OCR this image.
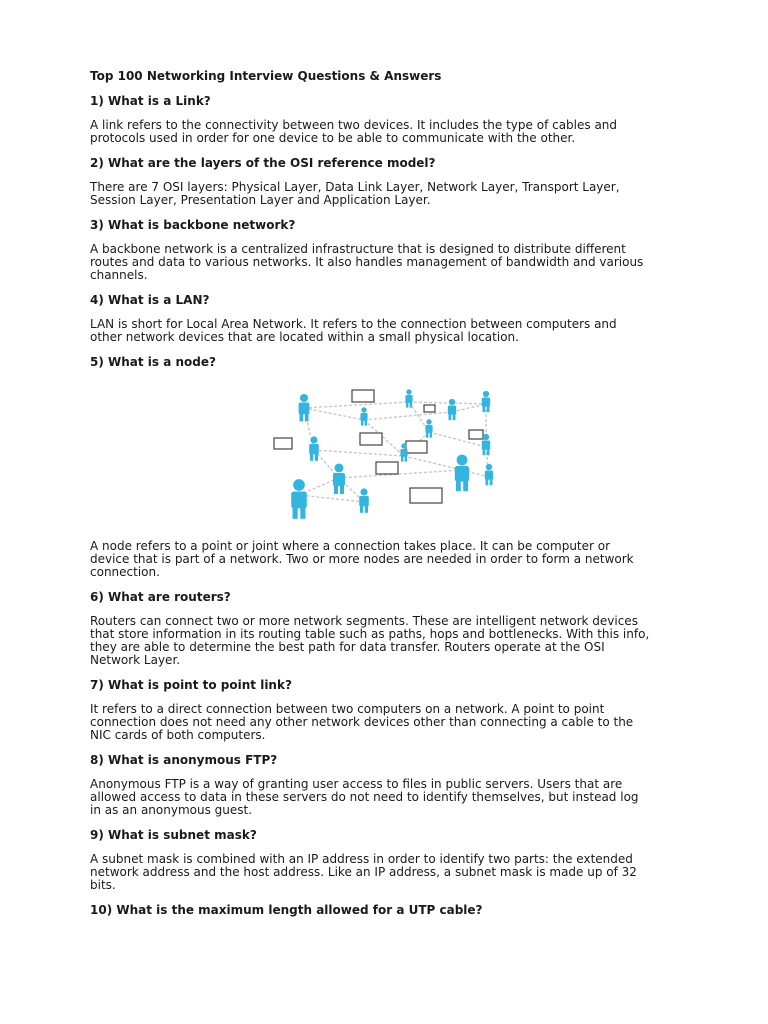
Top 100 Networking Interview Questions & Answers
1) What is a Link?
A link refers to the connectivity between two devices. It includes the type of cables and
protocols used in order for one device to be able to communicate with the other.
2) What are the layers of the OSI reference model?
There are 7 OSI layers: Physical Layer, Data Link Layer, Network Layer, Transport Layer,
Session Layer, Presentation Layer and Application Layer.
3) What is backbone network?
A backbone network is a centralized infrastructure that is designed to distribute different
routes and data to various networks. It also handles management of bandwidth and various
channels.
4) What is a LAN?
LAN is short for Local Area Network. It refers to the connection between computers and
other network devices that are located within a small physical location.
5) What is a node?
A node refers to a point or joint where a connection takes place. It can be computer or
device that is part of a network. Two or more nodes are needed in order to form a network
connection.
6) What are routers?
Routers can connect two or more network segments. These are intelligent network devices
that store information in its routing table such as paths, hops and bottlenecks. With this info,
they are able to determine the best path for data transfer. Routers operate at the OSI
Network Layer.
7) What is point to point link?
It refers to a direct connection between two computers on a network. A point to point
connection does not need any other network devices other than connecting a cable to the
NIC cards of both computers.
8) What is anonymous FTP?
Anonymous FTP is a way of granting user access to files in public servers. Users that are
allowed access to data in these servers do not need to identify themselves, but instead log
in as an anonymous guest.
9) What is subnet mask?
A subnet mask is combined with an IP address in order to identify two parts: the extended
network address and the host address. Like an IP address, a subnet mask is made up of 32
bits.
10) What is the maximum length allowed for a UTP cable?
